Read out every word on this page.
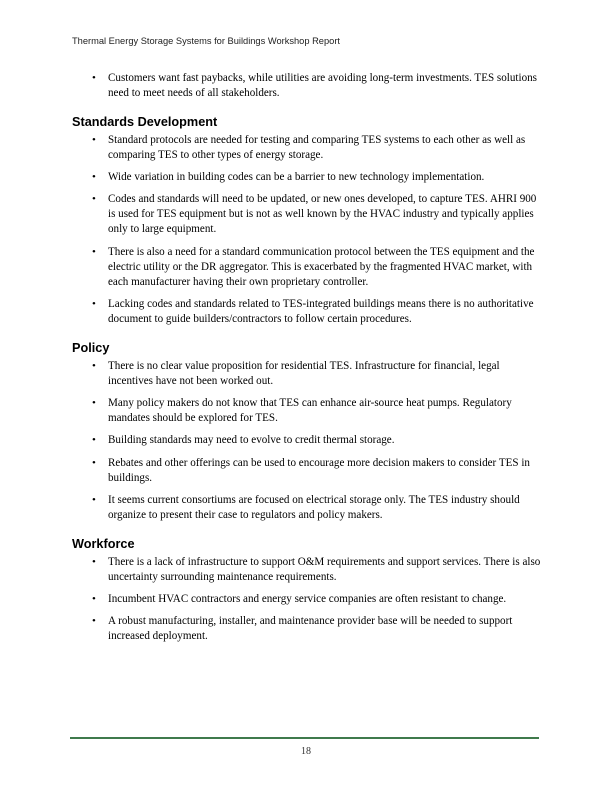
Thermal Energy Storage Systems for Buildings Workshop Report
• Customers want fast paybacks, while utilities are avoiding long-term investments. TES solutions need to meet needs of all stakeholders.
Standards Development
• Standard protocols are needed for testing and comparing TES systems to each other as well as comparing TES to other types of energy storage.
• Wide variation in building codes can be a barrier to new technology implementation.
• Codes and standards will need to be updated, or new ones developed, to capture TES. AHRI 900 is used for TES equipment but is not as well known by the HVAC industry and typically applies only to large equipment.
• There is also a need for a standard communication protocol between the TES equipment and the electric utility or the DR aggregator. This is exacerbated by the fragmented HVAC market, with each manufacturer having their own proprietary controller.
• Lacking codes and standards related to TES-integrated buildings means there is no authoritative document to guide builders/contractors to follow certain procedures.
Policy
• There is no clear value proposition for residential TES. Infrastructure for financial, legal incentives have not been worked out.
• Many policy makers do not know that TES can enhance air-source heat pumps. Regulatory mandates should be explored for TES.
• Building standards may need to evolve to credit thermal storage.
• Rebates and other offerings can be used to encourage more decision makers to consider TES in buildings.
• It seems current consortiums are focused on electrical storage only. The TES industry should organize to present their case to regulators and policy makers.
Workforce
• There is a lack of infrastructure to support O&M requirements and support services. There is also uncertainty surrounding maintenance requirements.
• Incumbent HVAC contractors and energy service companies are often resistant to change.
• A robust manufacturing, installer, and maintenance provider base will be needed to support increased deployment.
18
